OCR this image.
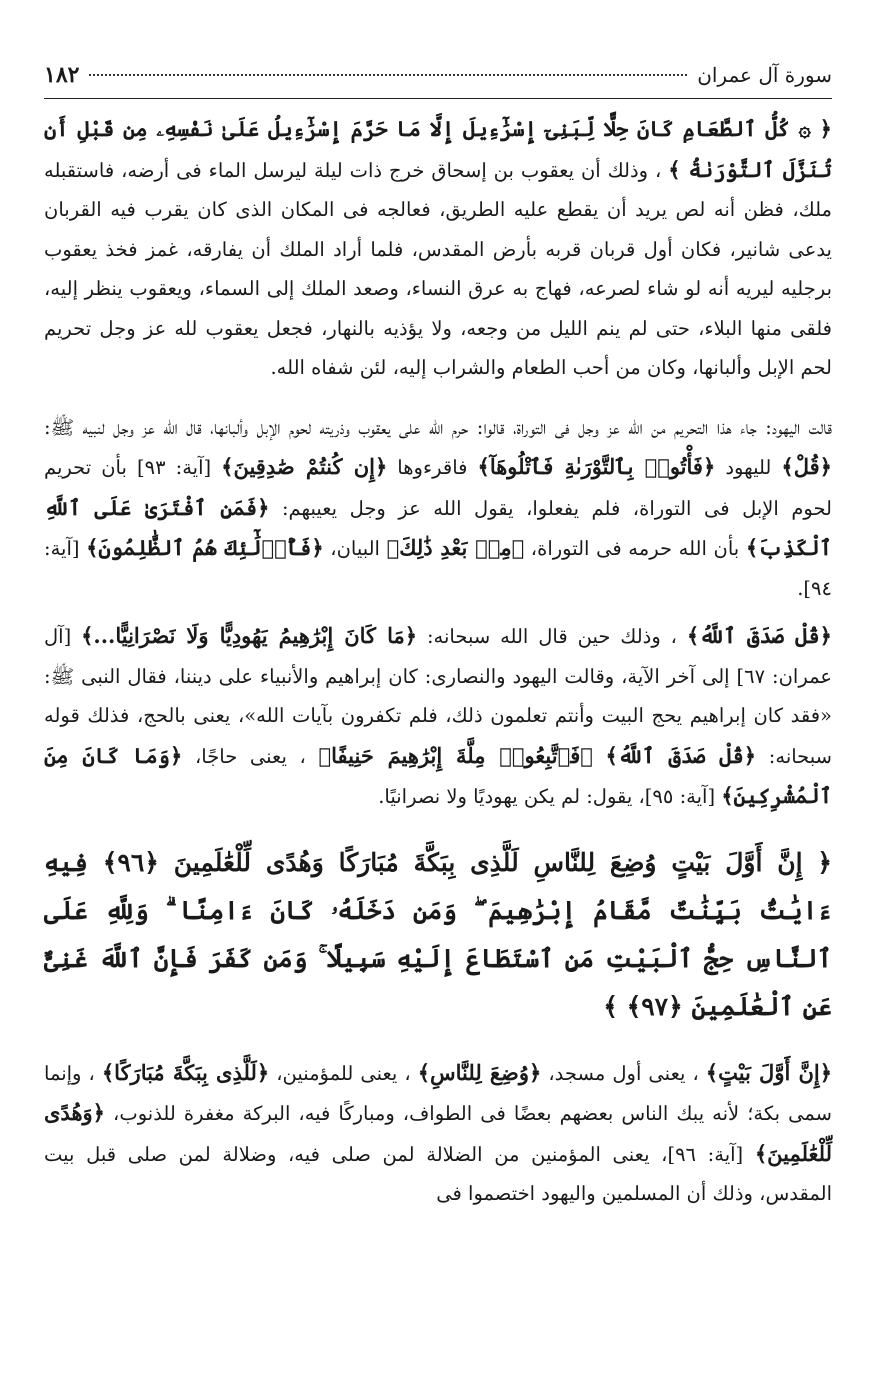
سورة آل عمران
١٨٢

﴿ ۞ كُلُّ ٱلطَّعَامِ كَانَ حِلًّا لِّبَنِىٓ إِسْرَٰٓءِيلَ إِلَّا مَا حَرَّمَ إِسْرَٰٓءِيلُ عَلَىٰ نَفْسِهِۦ مِن قَبْلِ أَن تُنَزَّلَ ٱلتَّوْرَىٰةُ ﴾ ، وذلك أن يعقوب بن إسحاق خرج ذات ليلة ليرسل الماء فى أرضه، فاستقبله ملك، فظن أنه لص يريد أن يقطع عليه الطريق، فعالجه فى المكان الذى كان يقرب فيه القربان يدعى شانير، فكان أول قربان قربه بأرض المقدس، فلما أراد الملك أن يفارقه، غمز فخذ يعقوب برجليه ليريه أنه لو شاء لصرعه، فهاج به عرق النساء، وصعد الملك إلى السماء، ويعقوب ينظر إليه، فلقى منها البلاء، حتى لم ينم الليل من وجعه، ولا يؤذيه بالنهار، فجعل يعقوب لله عز وجل تحريم لحم الإبل وألبانها، وكان من أحب الطعام والشراب إليه، لئن شفاه الله.

قالت اليهود: جاء هذا التحريم من الله عز وجل فى التوراة، قالوا: حرم الله على يعقوب وذريته لحوم الإبل وألبانها، قال الله عز وجل لنبيه ﷺ: ﴿قُلْ﴾ لليهود ﴿فَأْتُوا۟ بِٱلتَّوْرَىٰةِ فَٱتْلُوهَآ﴾ فاقرءوها ﴿إِن كُنتُمْ صَٰدِقِينَ﴾ [آية: ٩٣] بأن تحريم لحوم الإبل فى التوراة، فلم يفعلوا، يقول الله عز وجل يعيبهم: ﴿فَمَنِ ٱفْتَرَىٰ عَلَى ٱللَّهِ ٱلْكَذِبَ﴾ بأن الله حرمه فى التوراة، ﴿مِنۢ بَعْدِ ذَٰلِكَ﴾ البيان، ﴿فَأُو۟لَٰٓئِكَ هُمُ ٱلظَّٰلِمُونَ﴾ [آية: ٩٤].

﴿قُلْ صَدَقَ ٱللَّهُ﴾ ، وذلك حين قال الله سبحانه: ﴿مَا كَانَ إِبْرَٰهِيمُ يَهُودِيًّا وَلَا نَصْرَانِيًّا...﴾ [آل عمران: ٦٧] إلى آخر الآية، وقالت اليهود والنصارى: كان إبراهيم والأنبياء على ديننا، فقال النبى ﷺ: «فقد كان إبراهيم يحج البيت وأنتم تعلمون ذلك، فلم تكفرون بآيات الله»، يعنى بالحج، فذلك قوله سبحانه: ﴿قُلْ صَدَقَ ٱللَّهُ﴾ ﴿فَٱتَّبِعُوا۟ مِلَّةَ إِبْرَٰهِيمَ حَنِيفًا﴾ ، يعنى حاجًا، ﴿وَمَا كَانَ مِنَ ٱلْمُشْرِكِينَ﴾ [آية: ٩٥]، يقول: لم يكن يهوديًا ولا نصرانيًا.

﴿ إِنَّ أَوَّلَ بَيْتٍ وُضِعَ لِلنَّاسِ لَلَّذِى بِبَكَّةَ مُبَارَكًا وَهُدًى لِّلْعَٰلَمِينَ ﴿٩٦﴾ فِيهِ ءَايَٰتٌۢ بَيِّنَٰتٌ مَّقَامُ إِبْرَٰهِيمَ ۖ وَمَن دَخَلَهُۥ كَانَ ءَامِنًا ۗ وَلِلَّهِ عَلَى ٱلنَّاسِ حِجُّ ٱلْبَيْتِ مَنِ ٱسْتَطَاعَ إِلَيْهِ سَبِيلًا ۚ وَمَن كَفَرَ فَإِنَّ ٱللَّهَ غَنِىٌّ عَنِ ٱلْعَٰلَمِينَ ﴿٩٧﴾ ﴾

﴿إِنَّ أَوَّلَ بَيْتٍ﴾ ، يعنى أول مسجد، ﴿وُضِعَ لِلنَّاسِ﴾ ، يعنى للمؤمنين، ﴿لَلَّذِى بِبَكَّةَ مُبَارَكًا﴾ ، وإنما سمى بكة؛ لأنه يبك الناس بعضهم بعضًا فى الطواف، ومباركًا فيه، البركة مغفرة للذنوب، ﴿وَهُدًى لِّلْعَٰلَمِينَ﴾ [آية: ٩٦]، يعنى المؤمنين من الضلالة لمن صلى فيه، وضلالة لمن صلى قبل بيت المقدس، وذلك أن المسلمين واليهود اختصموا فى
